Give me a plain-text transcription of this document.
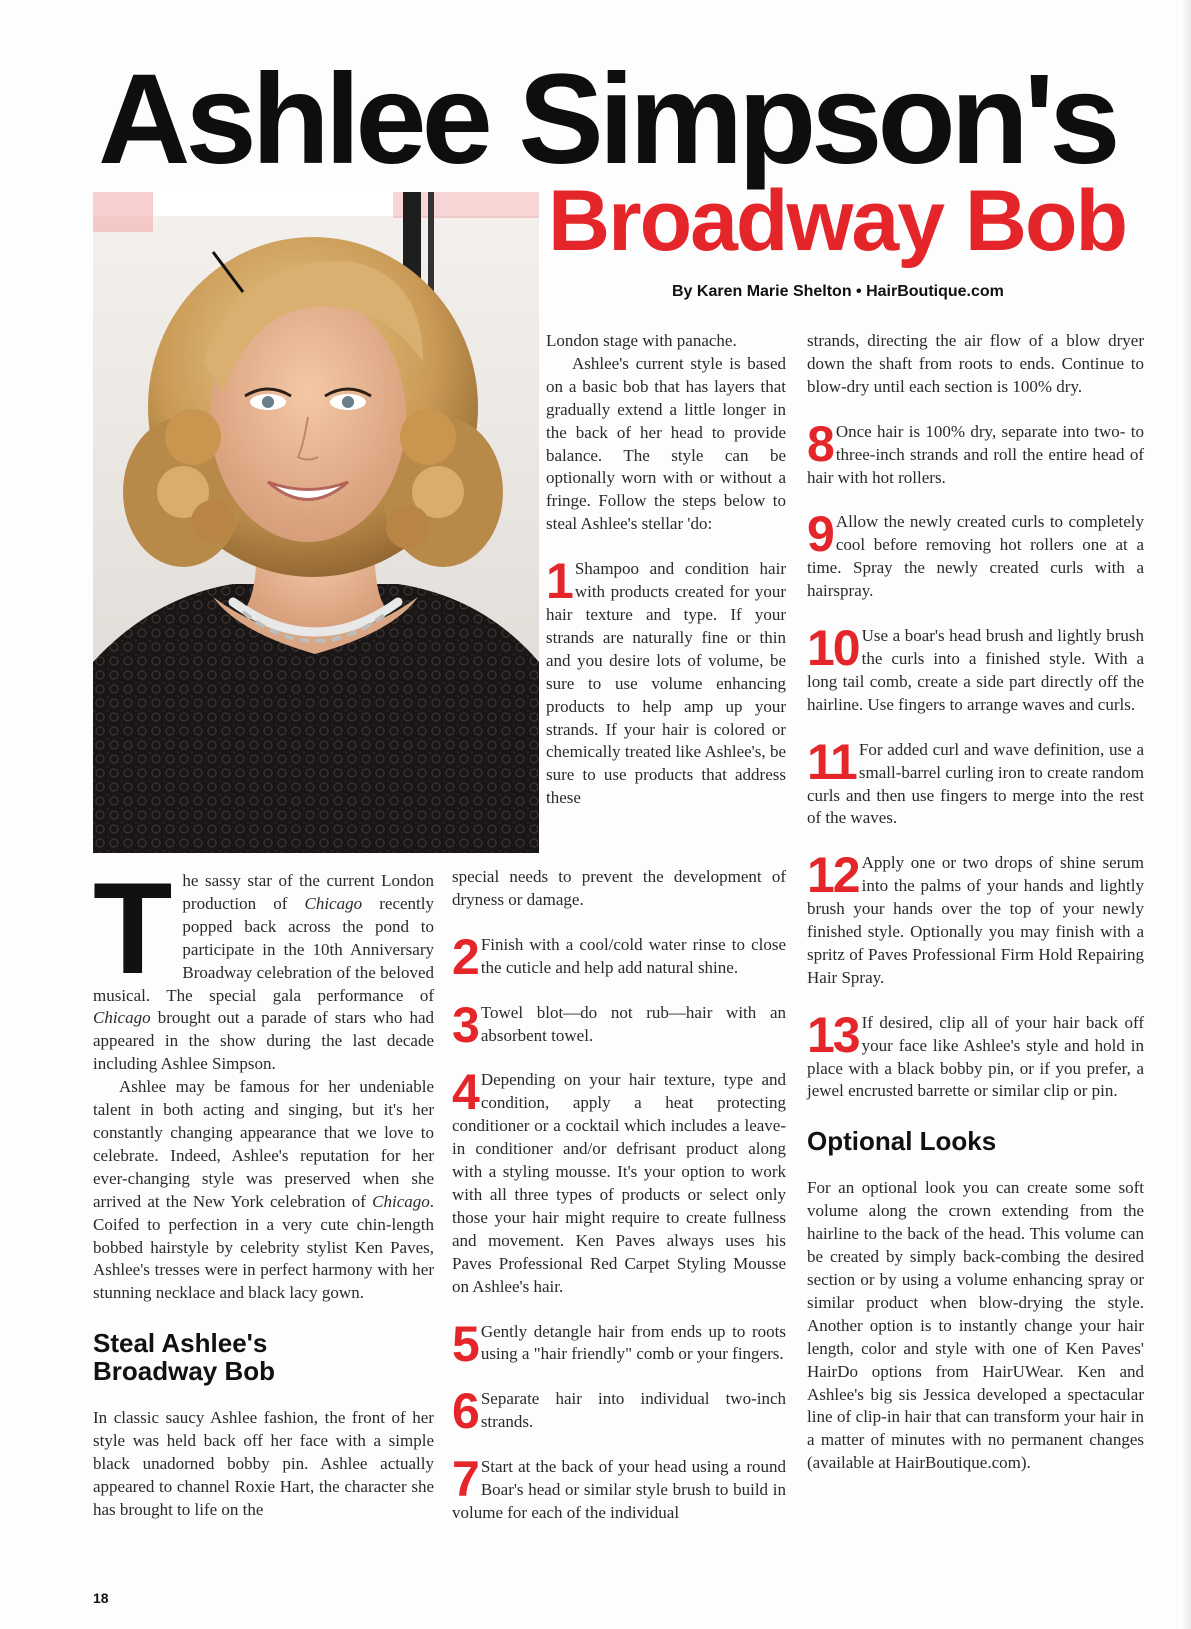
Ashlee Simpson's
Broadway Bob

By Karen Marie Shelton • HairBoutique.com

T he sassy star of the current London production of Chicago recently popped back across the pond to participate in the 10th Anniversary Broadway celebration of the beloved musical. The special gala performance of Chicago brought out a parade of stars who had appeared in the show during the last decade including Ashlee Simpson.

Ashlee may be famous for her undeniable talent in both acting and singing, but it's her constantly changing appearance that we love to celebrate. Indeed, Ashlee's reputation for her ever-changing style was preserved when she arrived at the New York celebration of Chicago. Coifed to perfection in a very cute chin-length bobbed hairstyle by celebrity stylist Ken Paves, Ashlee's tresses were in perfect harmony with her stunning necklace and black lacy gown.

Steal Ashlee's
Broadway Bob

In classic saucy Ashlee fashion, the front of her style was held back off her face with a simple black unadorned bobby pin. Ashlee actually appeared to channel Roxie Hart, the character she has brought to life on the

London stage with panache.

Ashlee's current style is based on a basic bob that has layers that gradually extend a little longer in the back of her head to provide balance. The style can be optionally worn with or without a fringe. Follow the steps below to steal Ashlee's stellar 'do:

1 Shampoo and condition hair with products created for your hair texture and type. If your strands are naturally fine or thin and you desire lots of volume, be sure to use volume enhancing products to help amp up your strands. If your hair is colored or chemically treated like Ashlee's, be sure to use products that address these

special needs to prevent the development of dryness or damage.

2 Finish with a cool/cold water rinse to close the cuticle and help add natural shine.

3 Towel blot—do not rub—hair with an absorbent towel.

4 Depending on your hair texture, type and condition, apply a heat protecting conditioner or a cocktail which includes a leave-in conditioner and/or defrisant product along with a styling mousse. It's your option to work with all three types of products or select only those your hair might require to create fullness and movement. Ken Paves always uses his Paves Professional Red Carpet Styling Mousse on Ashlee's hair.

5 Gently detangle hair from ends up to roots using a "hair friendly" comb or your fingers.

6 Separate hair into individual two-inch strands.

7 Start at the back of your head using a round Boar's head or similar style brush to build in volume for each of the individual

strands, directing the air flow of a blow dryer down the shaft from roots to ends. Continue to blow-dry until each section is 100% dry.

8 Once hair is 100% dry, separate into two- to three-inch strands and roll the entire head of hair with hot rollers.

9 Allow the newly created curls to completely cool before removing hot rollers one at a time. Spray the newly created curls with a hairspray.

10 Use a boar's head brush and lightly brush the curls into a finished style. With a long tail comb, create a side part directly off the hairline. Use fingers to arrange waves and curls.

11 For added curl and wave definition, use a small-barrel curling iron to create random curls and then use fingers to merge into the rest of the waves.

12 Apply one or two drops of shine serum into the palms of your hands and lightly brush your hands over the top of your newly finished style. Optionally you may finish with a spritz of Paves Professional Firm Hold Repairing Hair Spray.

13 If desired, clip all of your hair back off your face like Ashlee's style and hold in place with a black bobby pin, or if you prefer, a jewel encrusted barrette or similar clip or pin.

Optional Looks

For an optional look you can create some soft volume along the crown extending from the hairline to the back of the head. This volume can be created by simply back-combing the desired section or by using a volume enhancing spray or similar product when blow-drying the style. Another option is to instantly change your hair length, color and style with one of Ken Paves' HairDo options from HairUWear. Ken and Ashlee's big sis Jessica developed a spectacular line of clip-in hair that can transform your hair in a matter of minutes with no permanent changes (available at HairBoutique.com).

18
